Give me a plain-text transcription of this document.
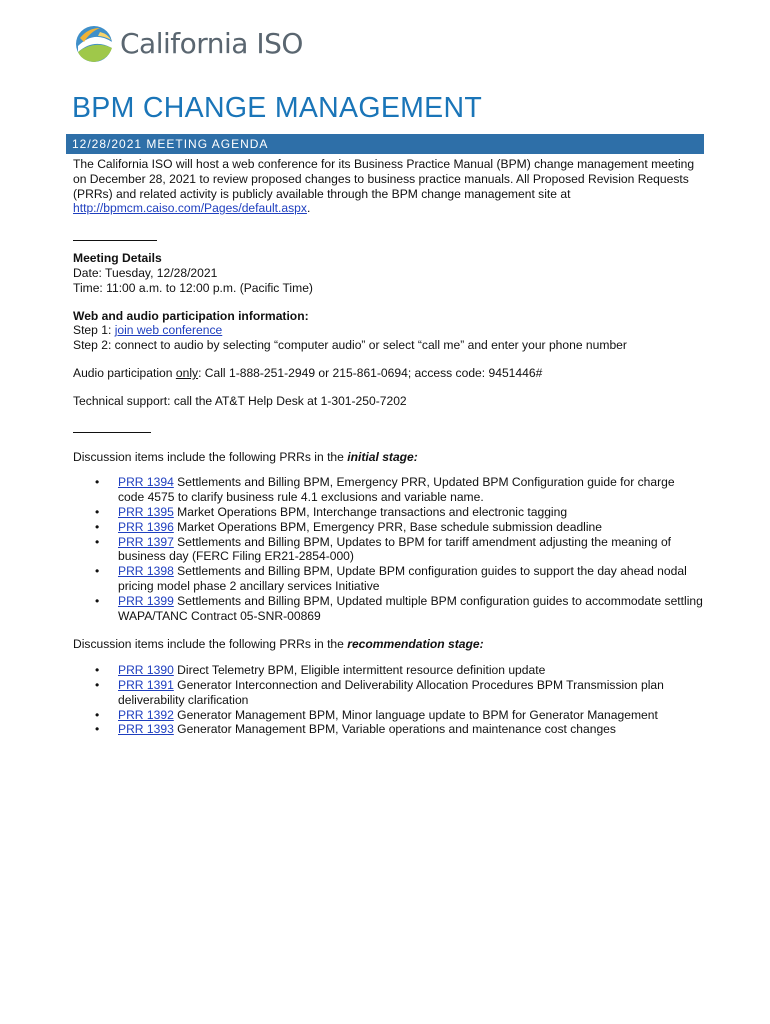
California ISO
BPM CHANGE MANAGEMENT
12/28/2021 MEETING AGENDA

The California ISO will host a web conference for its Business Practice Manual (BPM) change management meeting on December 28, 2021 to review proposed changes to business practice manuals. All Proposed Revision Requests (PRRs) and related activity is publicly available through the BPM change management site at http://bpmcm.caiso.com/Pages/default.aspx.

Meeting Details

Date: Tuesday, 12/28/2021

Time: 11:00 a.m. to 12:00 p.m. (Pacific Time)

Web and audio participation information:

Step 1: join web conference

Step 2: connect to audio by selecting “computer audio” or select “call me” and enter your phone number

Audio participation only: Call 1-888-251-2949 or 215-861-0694; access code: 9451446#

Technical support: call the AT&T Help Desk at 1-301-250-7202

Discussion items include the following PRRs in the initial stage:

• PRR 1394 Settlements and Billing BPM, Emergency PRR, Updated BPM Configuration guide for charge code 4575 to clarify business rule 4.1 exclusions and variable name.
• PRR 1395 Market Operations BPM, Interchange transactions and electronic tagging
• PRR 1396 Market Operations BPM, Emergency PRR, Base schedule submission deadline
• PRR 1397 Settlements and Billing BPM, Updates to BPM for tariff amendment adjusting the meaning of business day (FERC Filing ER21-2854-000)
• PRR 1398 Settlements and Billing BPM, Update BPM configuration guides to support the day ahead nodal pricing model phase 2 ancillary services Initiative
• PRR 1399 Settlements and Billing BPM, Updated multiple BPM configuration guides to accommodate settling WAPA/TANC Contract 05-SNR-00869

Discussion items include the following PRRs in the recommendation stage:

• PRR 1390 Direct Telemetry BPM, Eligible intermittent resource definition update
• PRR 1391 Generator Interconnection and Deliverability Allocation Procedures BPM Transmission plan deliverability clarification
• PRR 1392 Generator Management BPM, Minor language update to BPM for Generator Management
• PRR 1393 Generator Management BPM, Variable operations and maintenance cost changes
